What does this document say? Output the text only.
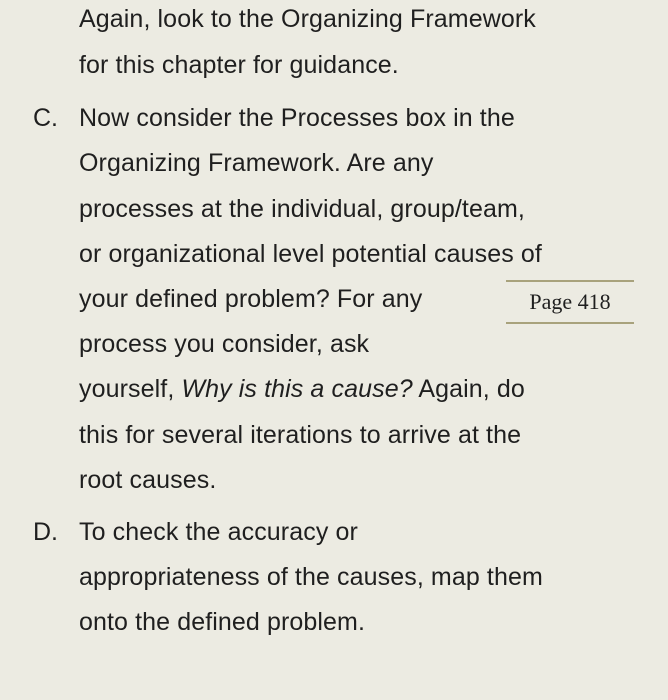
Again, look to the Organizing Framework
for this chapter for guidance.
C. Now consider the Processes box in the
Organizing Framework. Are any
processes at the individual, group/team,
or organizational level potential causes of
your defined problem? For any
process you consider, ask
yourself, Why is this a cause? Again, do
this for several iterations to arrive at the
root causes.
D. To check the accuracy or
appropriateness of the causes, map them
onto the defined problem.
Page 418
